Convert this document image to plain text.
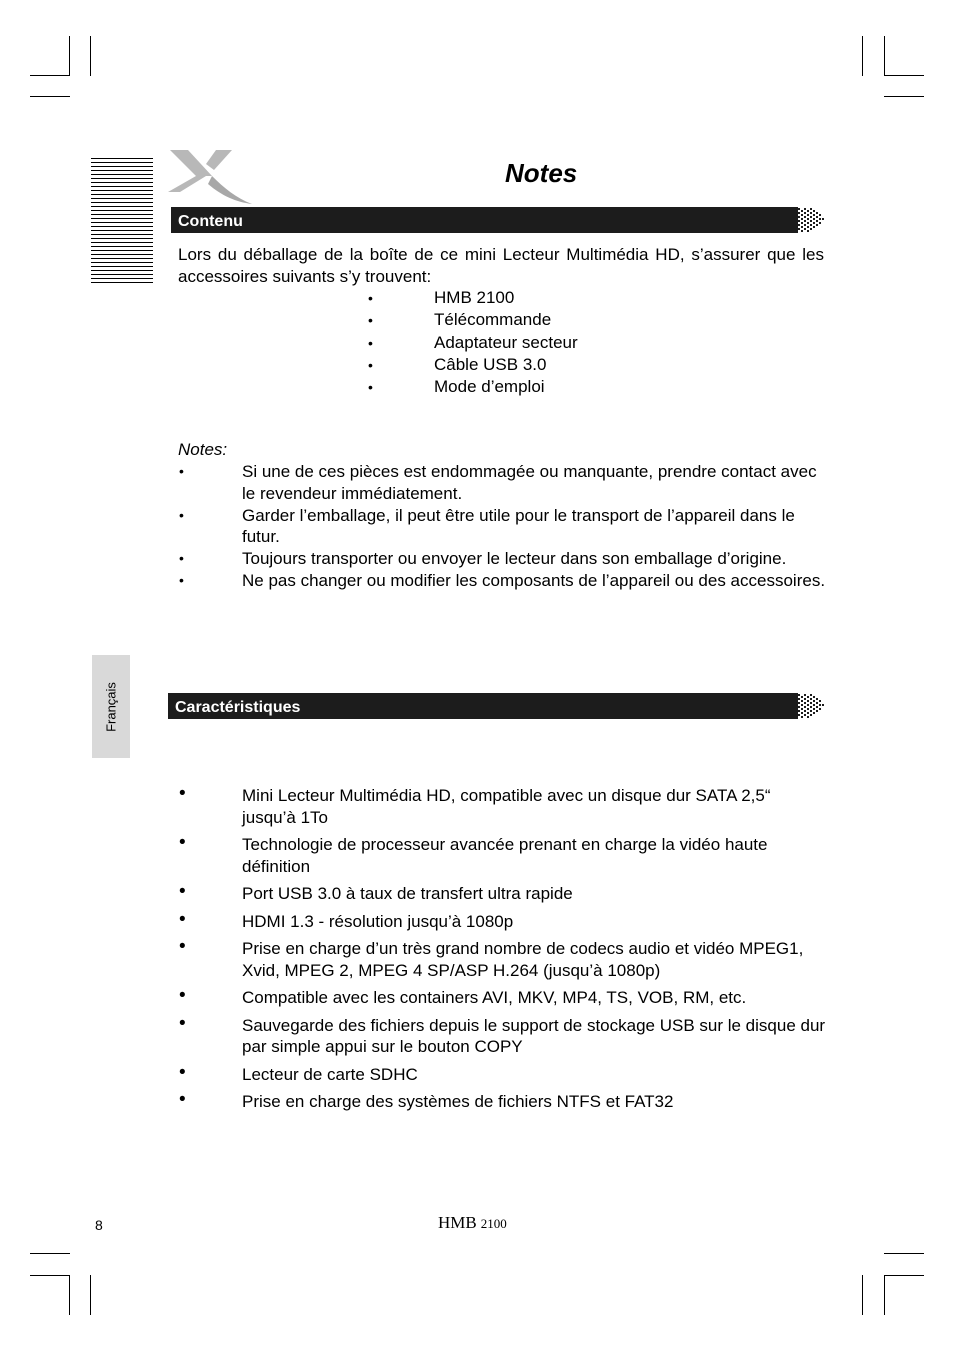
Notes
Contenu
Lors du déballage de la boîte de ce mini Lecteur Multimédia HD, s’assurer que les accessoires suivants s’y trouvent:
•	HMB 2100
•	Télécommande
•	Adaptateur secteur
•	Câble USB 3.0
•	Mode d’emploi
Notes:
•	Si une de ces pièces est endommagée ou manquante, prendre contact avec le revendeur immédiatement.
•	Garder l’emballage, il peut être utile pour le transport de l’appareil dans le futur.
•	Toujours transporter ou envoyer le lecteur dans son emballage d’origine.
•	Ne pas changer ou modifier les composants de l’appareil ou des accessoires.
Français	Caractéristiques
•	Mini Lecteur Multimédia HD, compatible avec un disque dur SATA 2,5“ jusqu’à 1To
•	Technologie de processeur avancée prenant en charge la vidéo haute définition
•	Port USB 3.0 à taux de transfert ultra rapide
•	HDMI 1.3 - résolution jusqu’à 1080p
•	Prise en charge d’un très grand nombre de codecs audio et vidéo MPEG1, Xvid, MPEG 2, MPEG 4 SP/ASP H.264 (jusqu’à 1080p)
•	Compatible avec les containers AVI, MKV, MP4, TS, VOB, RM, etc.
•	Sauvegarde des fichiers depuis le support de stockage USB sur le disque dur par simple appui sur le bouton COPY
•	Lecteur de carte SDHC
•	Prise en charge des systèmes de fichiers NTFS et FAT32
8	HMB 2100
